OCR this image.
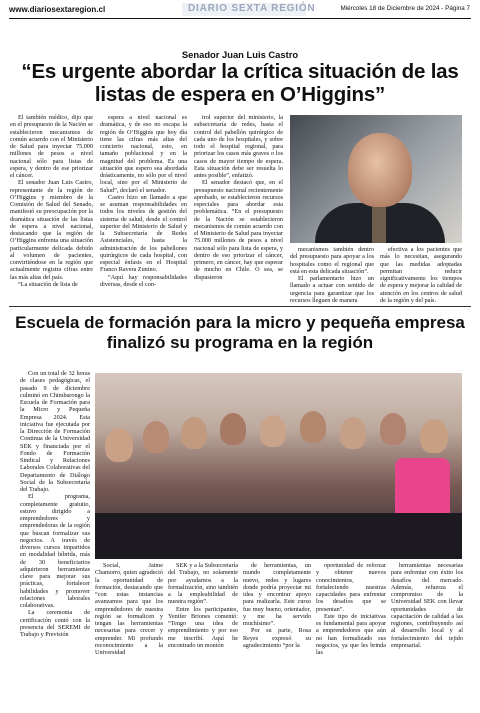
www.diariosextaregion.cl	DIARIO SEXTA REGIÓN	Miércoles 18 de Diciembre de 2024 - Página 7
Senador Juan Luis Castro
“Es urgente abordar la crítica situación de las listas de espera en O’Higgins”

El también médico, dijo que en el presupuesto de la Nación se establecieron mecanismos de común acuerdo con el Ministerio de Salud para inyectar 75.000 millones de pesos a nivel nacional sólo para listas de espera, y dentro de ese priorizar el cáncer.

El senador Juan Luis Castro, representante de la región de O’Higgins y miembro de la Comisión de Salud del Senado, manifestó su preocupación por la dramática situación de las listas de espera a nivel nacional, destacando que la región de O’Higgins enfrenta una situación particularmente delicada debido al volumen de pacientes, convirtiéndose en la región que actualmente registra cifras entre las más altas del país.

“La situación de lista de

espera a nivel nacional es dramática, y de eso no escapa la región de O’Higgins que hoy día tiene las cifras más altas del concierto nacional, esto, en tamaño poblacional y en la magnitud del problema. Es una situación que espero sea abordada drásticamente, no sólo por el nivel local, sino por el Ministerio de Salud”, declaró el senador.

Castro hizo un llamado a que se asuman responsabilidades en todos los niveles de gestión del sistema de salud, desde el control superior del Ministerio de Salud y la Subsecretaría de Redes Asistenciales, hasta la administración de los pabellones quirúrgicos de cada hospital, con especial énfasis en el Hospital Franco Ravera Zunino.

“Aquí hay responsabilidades diversas, desde el con-

trol superior del ministerio, la subsecretaría de redes, hasta el control del pabellón quirúrgico de cada uno de los hospitales, y sobre todo el hospital regional, para priorizar los casos más graves o los casos de mayor tiempo de espera. Esta situación debe ser resuelta lo antes posible”, enfatizó.

El senador destacó que, en el presupuesto nacional recientemente aprobado, se establecieron recursos especiales para abordar esta problemática. “En el presupuesto de la Nación se establecieron mecanismos de común acuerdo con el Ministerio de Salud para inyectar 75.000 millones de pesos a nivel nacional sólo para lista de espera, y dentro de eso priorizar el cáncer, primero, en cáncer, hay que esperar de mucho en Chile. O sea, se dispusieron

mecanismos también dentro del presupuesto para apoyar a los hospitales como el regional que está en esta delicada situación”.

El parlamentario hizo un llamado a actuar con sentido de urgencia para garantizar que los recursos lleguen de manera

efectiva a los pacientes que más lo necesitan, asegurando que las medidas adoptadas permitan reducir significativamente los tiempos de espera y mejorar la calidad de atención en los centros de salud de la región y del país.

Escuela de formación para la micro y pequeña empresa finalizó su programa en la región

Con un total de 32 horas de clases pedagógicas, el pasado 9 de diciembre culminó en Chimbarongo la Escuela de Formación para la Micro y Pequeña Empresa 2024. Esta iniciativa fue ejecutada por la Dirección de Formación Continua de la Universidad SEK y financiada por el Fondo de Formación Sindical y Relaciones Laborales Colaborativas del Departamento de Diálogo Social de la Subsecretaría del Trabajo.

El programa, completamente gratuito, estuvo dirigido a emprendedores y emprendedoras de la región que buscan formalizar sus negocios. A través de diversos cursos impartidos en modalidad híbrida, más de 30 beneficiarios adquirieron herramientas clave para mejorar sus prácticas, fortalecer habilidades y promover relaciones laborales colaborativas.

La ceremonia de certificación contó con la presencia del SEREMI de Trabajo y Previsión

Social, Jaime Chamorro, quien agradeció la oportunidad de formación, destacando que “con estas instancias avanzamos para que los emprendedores de nuestra región se formalicen y tengan las herramientas necesarias para crecer y emprender. Mi profundo reconocimiento a la Universidad

SEK y a la Subsecretaría del Trabajo, no solamente por ayudarnos a la formalización, sino también a la empleabilidad de nuestra región”.

Entre los participantes, Yenifer Briones comentó: “Tengo una idea de emprendimiento y por eso me inscribí. Aquí he encontrado un montón

de herramientas, un mundo completamente nuevo, redes y lugares donde podría proyectar mi idea y encontrar apoyo para realizarla. Este curso fue muy bueno, orientador, y me ha servido muchísimo”.

Por su parte, Rosa Reyes expresó su agradecimiento “por la

oportunidad de reforzar y obtener nuevos conocimientos, fortaleciendo nuestras capacidades para enfrentar los desafíos que se presentan”.

Este tipo de iniciativas es fundamental para apoyar a emprendedores que aún no han formalizado sus negocios, ya que les brinda las

herramientas necesarias para enfrentar con éxito los desafíos del mercado. Además, refuerza el compromiso de la Universidad SEK con llevar oportunidades de capacitación de calidad a las regiones, contribuyendo así al desarrollo local y al fortalecimiento del tejido empresarial.
